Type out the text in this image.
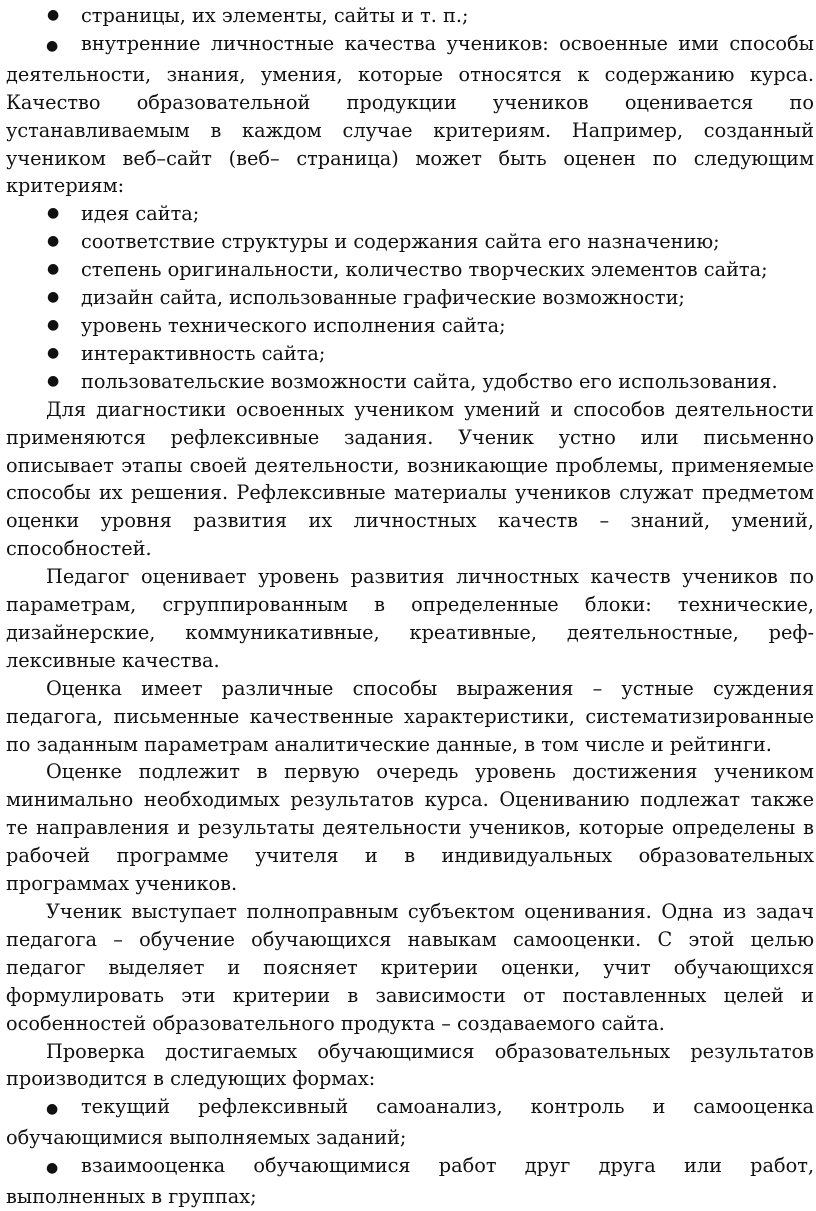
● страницы, их элементы, сайты и т. п.;

● внутренние личностные качества учеников: освоенные ими способы деятельности, знания, умения, которые относятся к содержанию курса. Качество образовательной продукции учеников оценивается по устанавливаемым в каждом случае критериям. Например, созданный учеником веб–сайт (веб– страница) может быть оценен по следующим критериям:

● идея сайта;

● соответствие структуры и содержания сайта его назначению;

● степень оригинальности, количество творческих элементов сайта;

● дизайн сайта, использованные графические возможности;

● уровень технического исполнения сайта;

● интерактивность сайта;

● пользовательские возможности сайта, удобство его использования.

Для диагностики освоенных учеником умений и способов деятельности применяются рефлексивные задания. Ученик устно или письменно описывает этапы своей деятельности, возникающие проблемы, применяемые способы их решения. Рефлексивные материалы учеников служат предметом оценки уровня развития их личностных качеств – знаний, умений, способностей.

Педагог оценивает уровень развития личностных качеств учеников по параметрам, сгруппированным в определенные блоки: технические, дизайнерские, коммуникативные, креативные, деятельностные, рефлексивные качества.

Оценка имеет различные способы выражения – устные суждения педагога, письменные качественные характеристики, систематизированные по заданным параметрам аналитические данные, в том числе и рейтинги.

Оценке подлежит в первую очередь уровень достижения учеником минимально необходимых результатов курса. Оцениванию подлежат также те направления и результаты деятельности учеников, которые определены в рабочей программе учителя и в индивидуальных образовательных программах учеников.

Ученик выступает полноправным субъектом оценивания. Одна из задач педагога – обучение обучающихся навыкам самооценки. С этой целью педагог выделяет и поясняет критерии оценки, учит обучающихся формулировать эти критерии в зависимости от поставленных целей и особенностей образовательного продукта – создаваемого сайта.

Проверка достигаемых обучающимися образовательных результатов производится в следующих формах:

● текущий рефлексивный самоанализ, контроль и самооценка обучающимися выполняемых заданий;

● взаимооценка обучающимися работ друг друга или работ, выполненных в группах;
